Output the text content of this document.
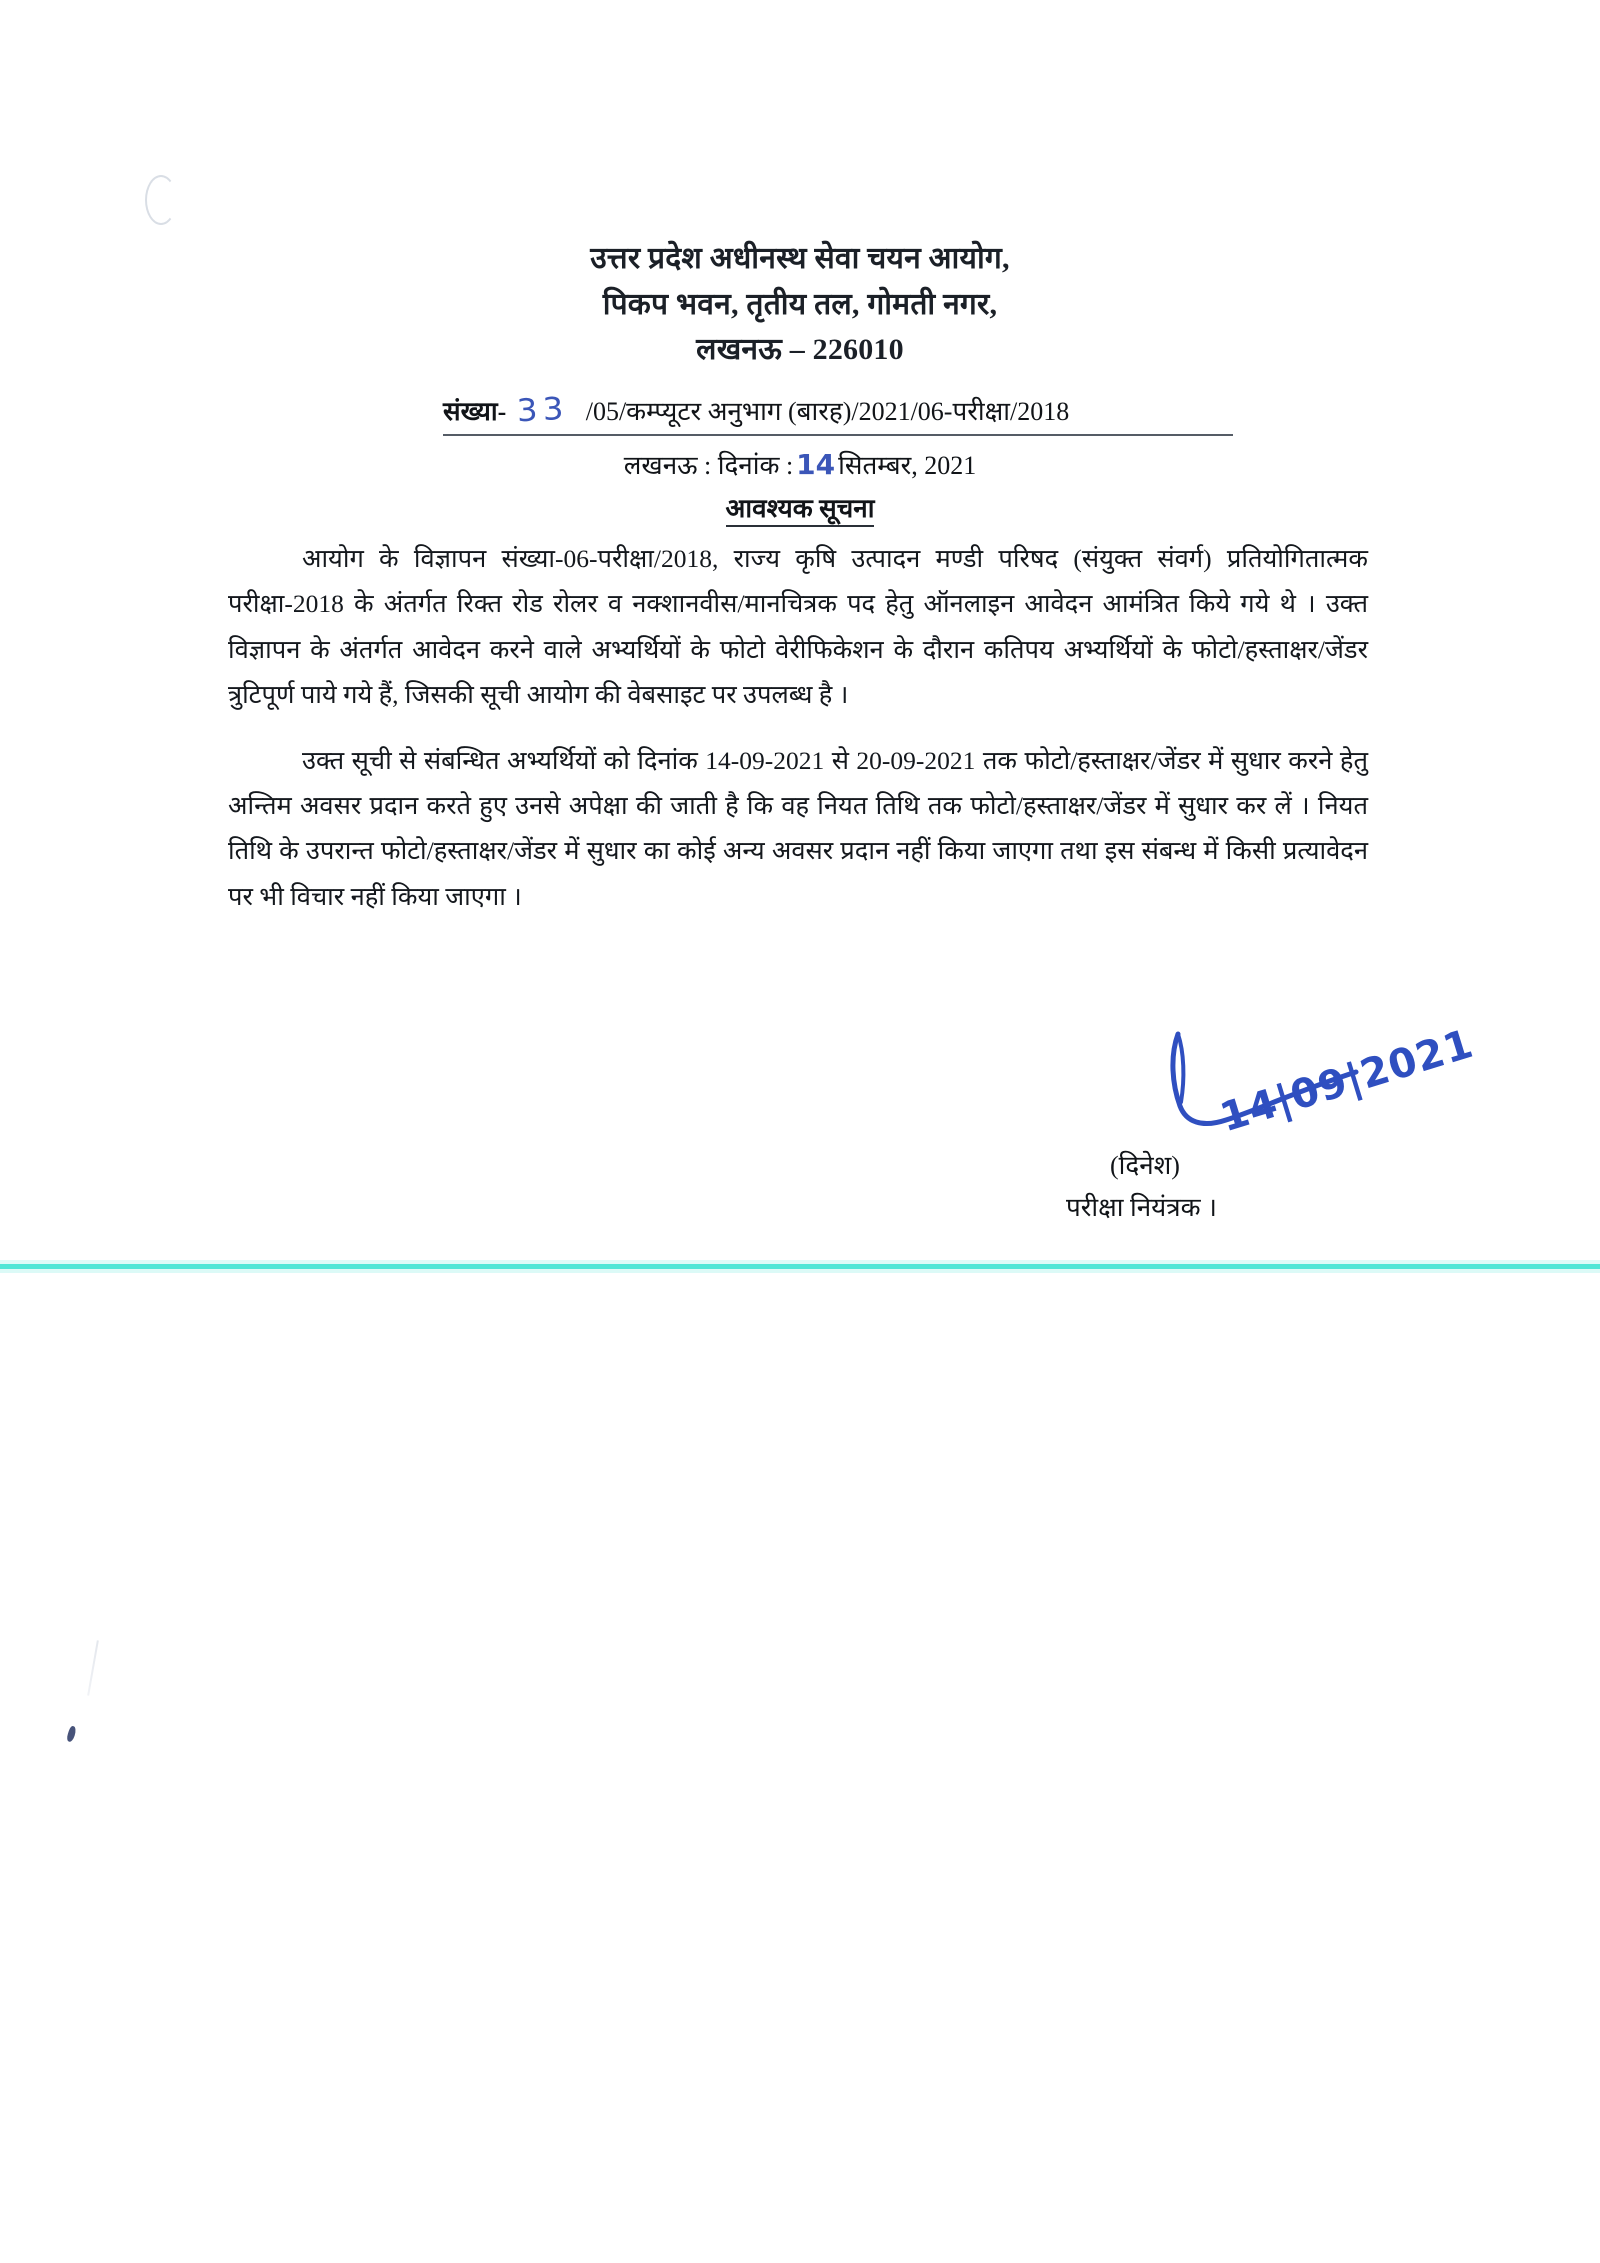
उत्तर प्रदेश अधीनस्थ सेवा चयन आयोग,
पिकप भवन, तृतीय तल, गोमती नगर,
लखनऊ – 226010
संख्या- 33 /05/कम्प्यूटर अनुभाग (बारह)/2021/06-परीक्षा/2018
लखनऊ : दिनांक : 14 सितम्बर, 2021
आवश्यक सूचना

आयोग के विज्ञापन संख्या-06-परीक्षा/2018, राज्य कृषि उत्पादन मण्डी परिषद (संयुक्त संवर्ग) प्रतियोगितात्मक परीक्षा-2018 के अंतर्गत रिक्त रोड रोलर व नक्शानवीस/मानचित्रक पद हेतु ऑनलाइन आवेदन आमंत्रित किये गये थे । उक्त विज्ञापन के अंतर्गत आवेदन करने वाले अभ्यर्थियों के फोटो वेरीफिकेशन के दौरान कतिपय अभ्यर्थियों के फोटो/हस्ताक्षर/जेंडर त्रुटिपूर्ण पाये गये हैं, जिसकी सूची आयोग की वेबसाइट पर उपलब्ध है ।

उक्त सूची से संबन्धित अभ्यर्थियों को दिनांक 14-09-2021 से 20-09-2021 तक फोटो/हस्ताक्षर/जेंडर में सुधार करने हेतु अन्तिम अवसर प्रदान करते हुए उनसे अपेक्षा की जाती है कि वह नियत तिथि तक फोटो/हस्ताक्षर/जेंडर में सुधार कर लें । नियत तिथि के उपरान्त फोटो/हस्ताक्षर/जेंडर में सुधार का कोई अन्य अवसर प्रदान नहीं किया जाएगा तथा इस संबन्ध में किसी प्रत्यावेदन पर भी विचार नहीं किया जाएगा ।

14|09|2021
(दिनेश)
परीक्षा नियंत्रक ।
